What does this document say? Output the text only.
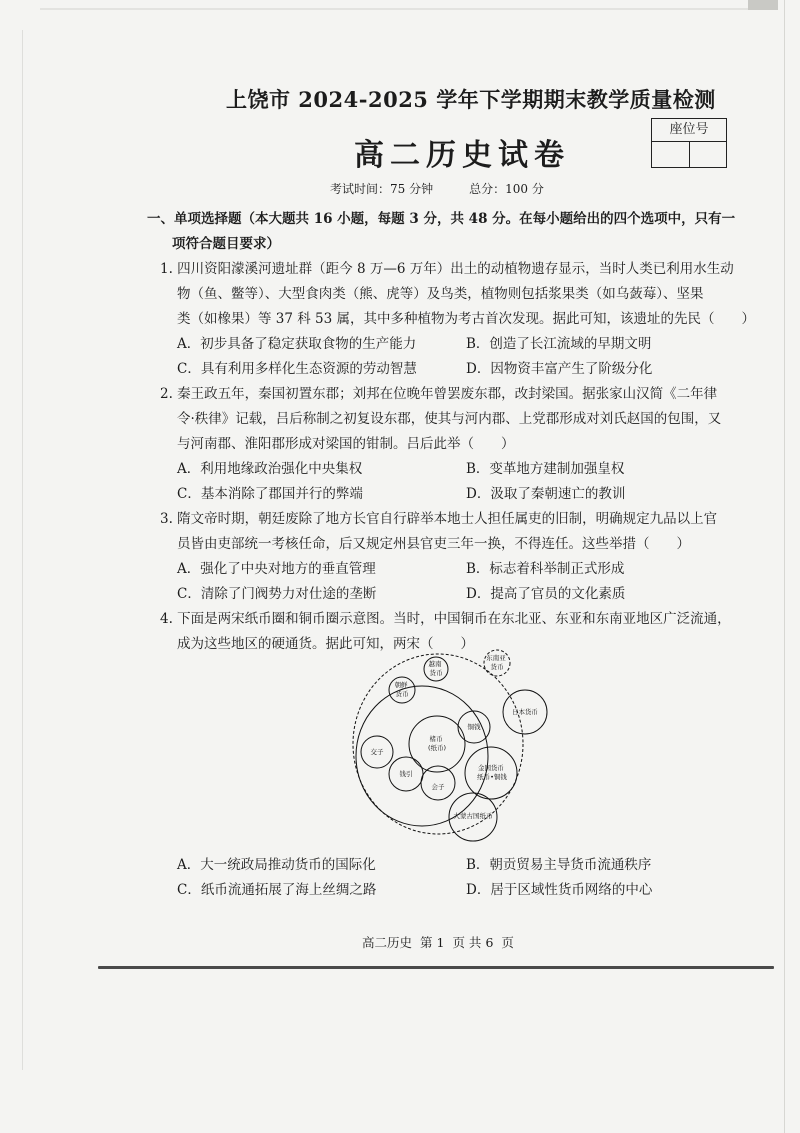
上饶市 2024-2025 学年下学期期末教学质量检测
高二历史试卷
座位号
考试时间：75 分钟	总分：100 分
一、单项选择题（本大题共 16 小题，每题 3 分，共 48 分。在每小题给出的四个选项中，只有一
项符合题目要求）
1. 四川资阳濛溪河遗址群（距今 8 万—6 万年）出土的动植物遗存显示，当时人类已利用水生动
物（鱼、鳖等）、大型食肉类（熊、虎等）及鸟类，植物则包括浆果类（如乌蔹莓）、坚果
类（如橡果）等 37 科 53 属，其中多种植物为考古首次发现。据此可知，该遗址的先民（　　）
A．初步具备了稳定获取食物的生产能力	B．创造了长江流域的早期文明
C．具有利用多样化生态资源的劳动智慧	D．因物资丰富产生了阶级分化
2. 秦王政五年，秦国初置东郡；刘邦在位晚年曾罢废东郡，改封梁国。据张家山汉简《二年律
令·秩律》记载，吕后称制之初复设东郡，使其与河内郡、上党郡形成对刘氏赵国的包围，又
与河南郡、淮阳郡形成对梁国的钳制。吕后此举（　　）
A．利用地缘政治强化中央集权	B．变革地方建制加强皇权
C．基本消除了郡国并行的弊端	D．汲取了秦朝速亡的教训
3. 隋文帝时期，朝廷废除了地方长官自行辟举本地士人担任属吏的旧制，明确规定九品以上官
员皆由吏部统一考核任命，后又规定州县官吏三年一换，不得连任。这些举措（　　）
A．强化了中央对地方的垂直管理	B．标志着科举制正式形成
C．清除了门阀势力对仕途的垄断	D．提高了官员的文化素质
4. 下面是两宋纸币圈和铜币圈示意图。当时，中国铜币在东北亚、东亚和东南亚地区广泛流通，
成为这些地区的硬通货。据此可知，两宋（　　）
越南 货币
东南亚 货币
朝鲜 货币
日本货币
铜钱
楮币 (纸币)
交子
钱引
会子
金国货币 纸币•铜钱
大蒙古国纸币
A．大一统政局推动货币的国际化	B．朝贡贸易主导货币流通秩序
C．纸币流通拓展了海上丝绸之路	D．居于区域性货币网络的中心
高二历史 第 1 页 共 6 页
